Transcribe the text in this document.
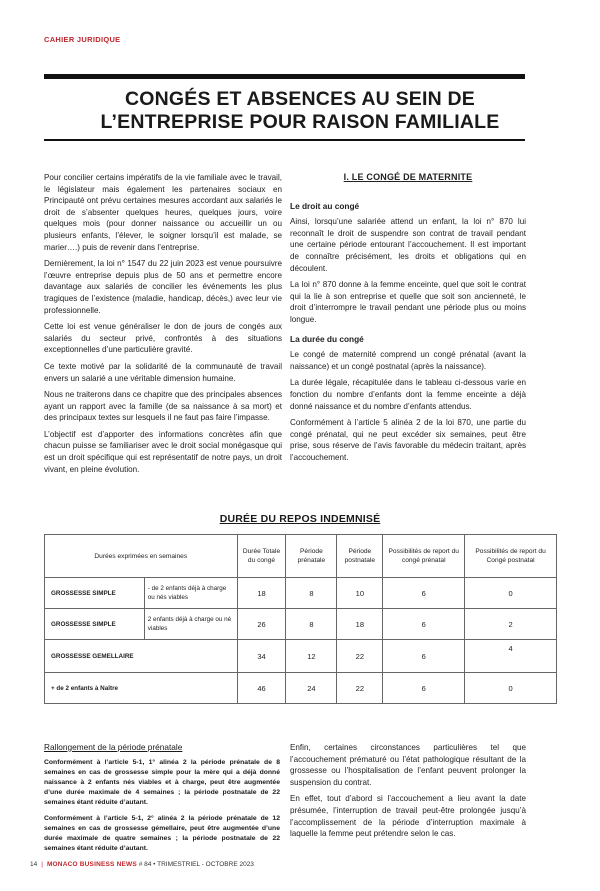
CAHIER JURIDIQUE
CONGÉS ET ABSENCES AU SEIN DE
L’ENTREPRISE POUR RAISON FAMILIALE

Pour concilier certains impératifs de la vie familiale avec le travail, le législateur mais également les partenaires sociaux en Principauté ont prévu certaines mesures accordant aux salariés le droit de s’absenter quelques heures, quelques jours, voire quelques mois (pour donner naissance ou accueillir un ou plusieurs enfants, l’élever, le soigner lorsqu’il est malade, se marier….) puis de revenir dans l’entreprise.

Dernièrement, la loi n° 1547 du 22 juin 2023 est venue poursuivre l’œuvre entreprise depuis plus de 50 ans et permettre encore davantage aux salariés de concilier les événements les plus tragiques de l’existence (maladie, handicap, décès,) avec leur vie professionnelle.

Cette loi est venue généraliser le don de jours de congés aux salariés du secteur privé, confrontés à des situations exceptionnelles d’une particulière gravité.

Ce texte motivé par la solidarité de la communauté de travail envers un salarié a une véritable dimension humaine.

Nous ne traiterons dans ce chapitre que des principales absences ayant un rapport avec la famille (de sa naissance à sa mort) et des principaux textes sur lesquels il ne faut pas faire l’impasse.

L’objectif est d’apporter des informations concrètes afin que chacun puisse se familiariser avec le droit social monégasque qui est un droit spécifique qui est représentatif de notre pays, un droit vivant, en pleine évolution.

I. LE CONGÉ DE MATERNITE
Le droit au congé

Ainsi, lorsqu’une salariée attend un enfant, la loi n° 870 lui reconnaît le droit de suspendre son contrat de travail pendant une certaine période entourant l’accouchement. Il est important de connaître précisément, les droits et obligations qui en découlent.

La loi n° 870 donne à la femme enceinte, quel que soit le contrat qui la lie à son entreprise et quelle que soit son ancienneté, le droit d’interrompre le travail pendant une période plus ou moins longue.

La durée du congé

Le congé de maternité comprend un congé prénatal (avant la naissance) et un congé postnatal (après la naissance).

La durée légale, récapitulée dans le tableau ci-dessous varie en fonction du nombre d’enfants dont la femme enceinte a déjà donné naissance et du nombre d’enfants attendus.

Conformément à l’article 5 alinéa 2 de la loi 870, une partie du congé prénatal, qui ne peut excéder six semaines, peut être prise, sous réserve de l’avis favorable du médecin traitant, après l’accouchement.

DURÉE DU REPOS INDEMNISÉ
Durées exprimées en semaines		Durée Totale du congé	Période prénatale	Période postnatale	Possibilités de report du congé prénatal	Possibilités de report du Congé postnatal
GROSSESSE SIMPLE	- de 2 enfants déjà à charge ou nés viables	18	8	10	6	0
GROSSESSE SIMPLE	2 enfants déjà à charge ou né viables	26	8	18	6	2
GROSSESSE GEMELLAIRE		34	12	22	6	4
+ de 2 enfants à Naître		46	24	22	6	0
Rallongement de la période prénatale

Conformément à l’article 5-1, 1° alinéa 2 la période prénatale de 8 semaines en cas de grossesse simple pour la mère qui a déjà donné naissance à 2 enfants nés viables et à charge, peut être augmentée d’une durée maximale de 4 semaines ; la période postnatale de 22 semaines étant réduite d’autant.

Conformément à l’article 5-1, 2° alinéa 2 la période prénatale de 12 semaines en cas de grossesse gémellaire, peut être augmentée d’une durée maximale de quatre semaines ; la période postnatale de 22 semaines étant réduite d’autant.

Enfin, certaines circonstances particulières tel que l’accouchement prématuré ou l’état pathologique résultant de la grossesse ou l’hospitalisation de l’enfant peuvent prolonger la suspension du contrat.

En effet, tout d’abord si l’accouchement a lieu avant la date présumée, l’interruption de travail peut-être prolongée jusqu’à l’accomplissement de la période d’interruption maximale à laquelle la femme peut prétendre selon le cas.

14 | MONACO BUSINESS NEWS # 84 • TRIMESTRIEL - OCTOBRE 2023
